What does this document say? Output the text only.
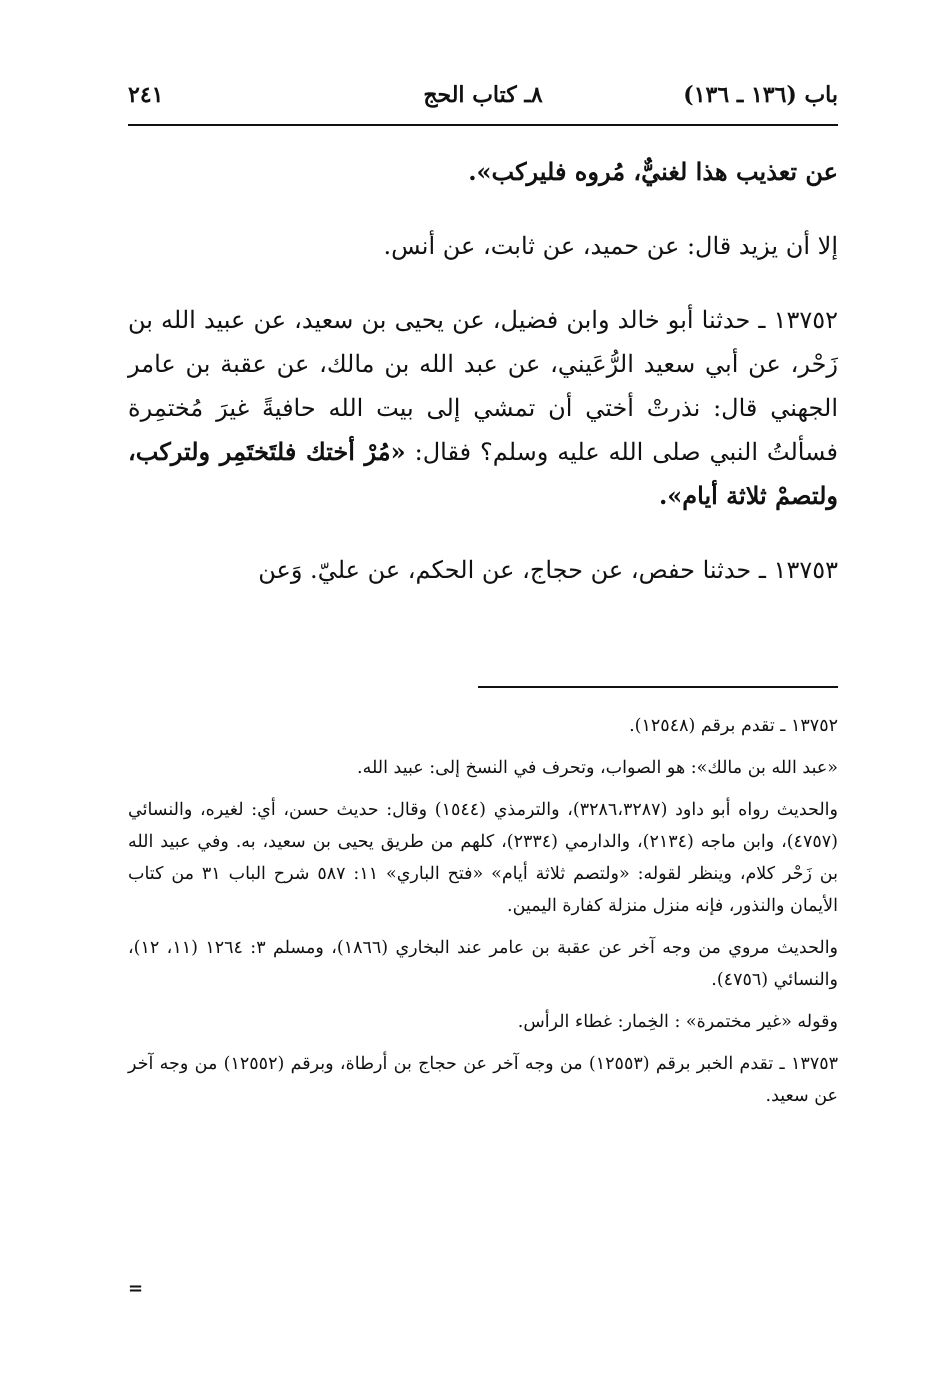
باب (١٣٦ ـ ١٣٦)
٨ـ كتاب الحج
٢٤١

عن تعذيب هذا لغنيٌّ، مُروه فليركب».

إلا أن يزيد قال: عن حميد، عن ثابت، عن أنس.

١٣٧٥٢ ـ حدثنا أبو خالد وابن فضيل، عن يحيى بن سعيد، عن عبيد الله بن زَحْر، عن أبي سعيد الرُّعَيني، عن عبد الله بن مالك، عن عقبة بن عامر الجهني قال: نذرتْ أختي أن تمشي إلى بيت الله حافيةً غيرَ مُختمِرة فسألتُ النبي صلى الله عليه وسلم؟ فقال: «مُرْ أختك فلتَختَمِر ولتركب، ولتصمْ ثلاثة أيام».

١٣٧٥٣ ـ حدثنا حفص، عن حجاج، عن الحكم، عن عليّ. وَعن

١٣٧٥٢ ـ تقدم برقم (١٢٥٤٨).

«عبد الله بن مالك»: هو الصواب، وتحرف في النسخ إلى: عبيد الله.

والحديث رواه أبو داود (٣٢٨٦،٣٢٨٧)، والترمذي (١٥٤٤) وقال: حديث حسن، أي: لغيره، والنسائي (٤٧٥٧)، وابن ماجه (٢١٣٤)، والدارمي (٢٣٣٤)، كلهم من طريق يحيى بن سعيد، به. وفي عبيد الله بن زَحْر كلام، وينظر لقوله: «ولتصم ثلاثة أيام» «فتح الباري» ١١: ٥٨٧ شرح الباب ٣١ من كتاب الأيمان والنذور، فإنه منزل منزلة كفارة اليمين.

والحديث مروي من وجه آخر عن عقبة بن عامر عند البخاري (١٨٦٦)، ومسلم ٣: ١٢٦٤ (١١، ١٢)، والنسائي (٤٧٥٦).

وقوله «غير مختمرة» : الخِمار: غطاء الرأس.

١٣٧٥٣ ـ تقدم الخبر برقم (١٢٥٥٣) من وجه آخر عن حجاج بن أرطاة، وبرقم (١٢٥٥٢) من وجه آخر عن سعيد.

=
